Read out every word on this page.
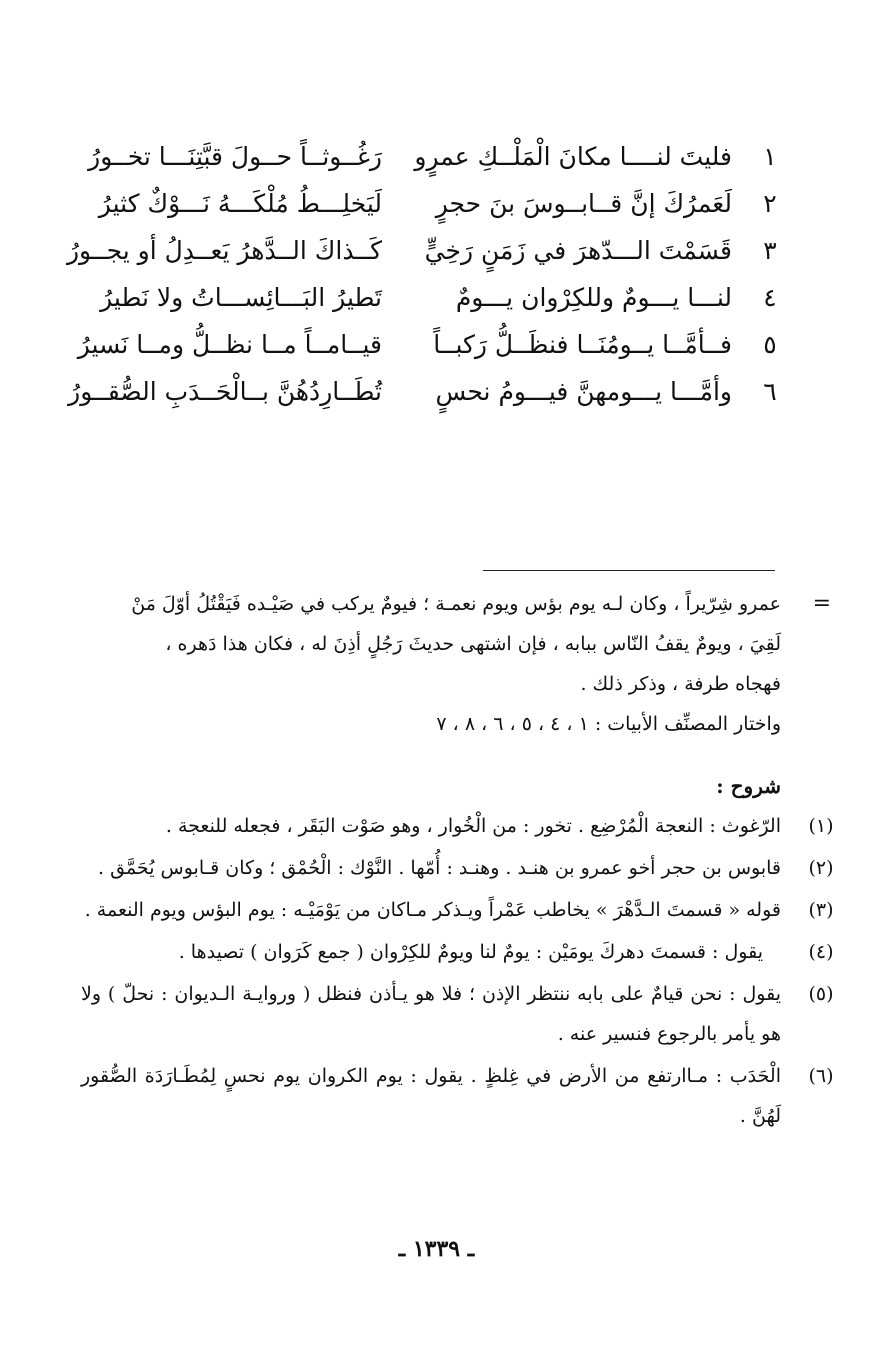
١
فليتَ لنــــا مكانَ الْمَلْــكِ عمرٍو
رَغُــوثــاً حــولَ قبَّتِنَـــا تخــورُ
٢
لَعَمرُكَ إنَّ قــابــوسَ بنَ حجرٍ
لَيَخلِـــطُ مُلْكَـــهُ نَـــوْكٌ كثيرُ
٣
قَسَمْتَ الـــدّهرَ في زَمَنٍ رَخِيٍّ
كَــذاكَ الــدَّهرُ يَعــدِلُ أو يجــورُ
٤
لنـــا يـــومٌ وللكِرْوان يـــومٌ
تَطيرُ البَـــائِســـاتُ ولا نَطيرُ
٥
فــأمَّــا يــومُنَــا فنظَــلُّ رَكبــاً
قيــامــاً مــا نظــلُّ ومــا نَسيرُ
٦
وأمَّـــا يـــومهنَّ فيـــومُ نحسٍ
تُطَــارِدُهُنَّ بــالْحَــدَبِ الصُّقــورُ
=

عمرو شِرّيراً ، وكان لـه يوم بؤس ويوم نعمـة ؛ فيومٌ يركب في صَيْـده فَيَقْتُلُ أوّلَ مَنْ

لَقِيَ ، ويومٌ يقفُ النّاس ببابه ، فإن اشتهى حديثَ رَجُلٍ أذِنَ له ، فكان هذا دَهره ،

فهجاه طرفة ، وذكر ذلك .

واختار المصنِّف الأبيات : ١ ، ٤ ، ٥ ، ٦ ، ٨ ، ٧

شروح :
(١)

الرّغوث : النعجة الْمُرْضِع . تخور : من الْخُوار ، وهو صَوْت البَقَر ، فجعله للنعجة .

(٢)

قابوس بن حجر أخو عمرو بن هنـد . وهنـد : أُمّها . النَّوْك : الْحُمْق ؛ وكان قـابوس يُحَمَّق .

(٣)

قوله « قسمتَ الـدَّهْرَ » يخاطب عَمْراً ويـذكر مـاكان من يَوْمَيْـه : يوم البؤس ويوم النعمة .

(٤)

يقول : قسمتَ دهركَ يومَيْن : يومٌ لنا ويومٌ للكِرْوان ( جمع كَرَوان ) تصيدها .

(٥)

يقول : نحن قيامٌ على بابه ننتظر الإذن ؛ فلا هو يـأذن فنظل ( وروايـة الـديوان : نحلّ ) ولا هو يأمر بالرجوع فنسير عنه .

(٦)

الْحَدَب : مـاارتفع من الأرض في غِلظٍ . يقول : يوم الكروان يوم نحسٍ لِمُطَـارَدَة الصُّقور لَهُنَّ .

ـ ١٣٣٩ ـ
